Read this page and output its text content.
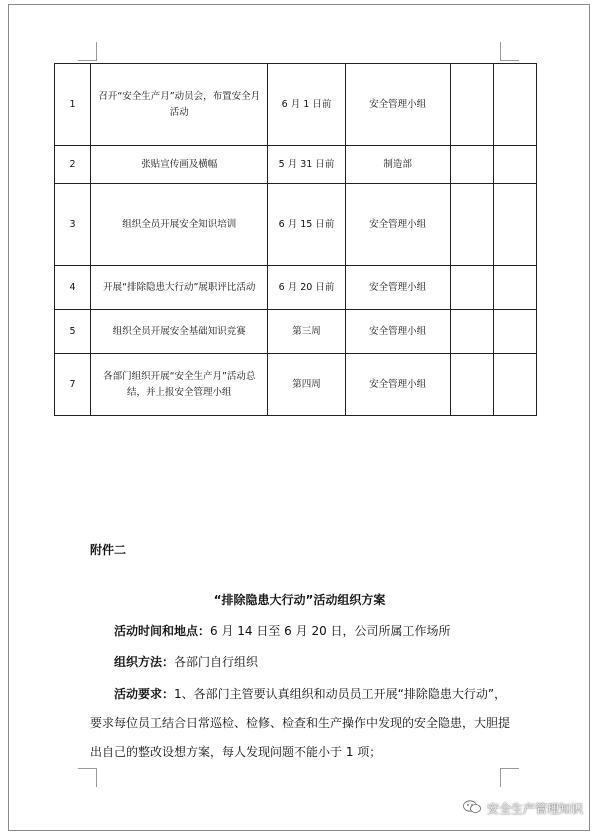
1	召开“安全生产月”动员会，布置安全月活动	6 月 1 日前	安全管理小组		
2	张贴宣传画及横幅	5 月 31 日前	制造部		
3	组织全员开展安全知识培训	6 月 15 日前	安全管理小组		
4	开展“排除隐患大行动”展职评比活动	6 月 20 日前	安全管理小组		
5	组织全员开展安全基础知识竞赛	第三周	安全管理小组		
7	各部门组织开展“安全生产月”活动总结，并上报安全管理小组	第四周	安全管理小组		
附件二
“排除隐患大行动”活动组织方案
活动时间和地点：6 月 14 日至 6 月 20 日，公司所属工作场所
组织方法：各部门自行组织
活动要求：1、各部门主管要认真组织和动员员工开展“排除隐患大行动”，要求每位员工结合日常巡检、检修、检查和生产操作中发现的安全隐患，大胆提出自己的整改设想方案，每人发现问题不能小于 1 项；
安全生产管理知识
